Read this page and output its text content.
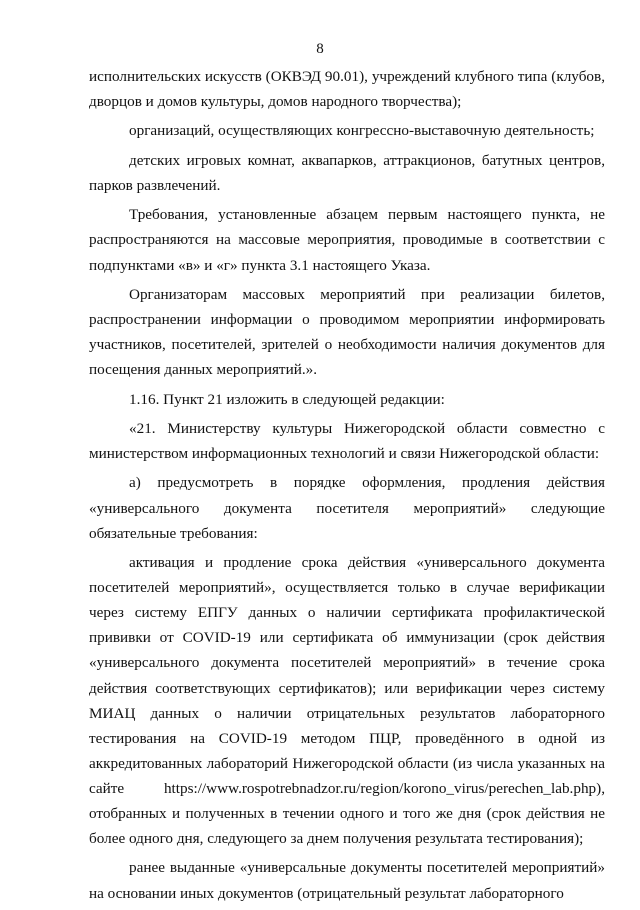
8

исполнительских искусств (ОКВЭД 90.01), учреждений клубного типа (клубов, дворцов и домов культуры, домов народного творчества);

организаций, осуществляющих конгрессно-выставочную деятельность;

детских игровых комнат, аквапарков, аттракционов, батутных центров, парков развлечений.

Требования, установленные абзацем первым настоящего пункта, не распространяются на массовые мероприятия, проводимые в соответствии с подпунктами «в» и «г» пункта 3.1 настоящего Указа.

Организаторам массовых мероприятий при реализации билетов, распространении информации о проводимом мероприятии информировать участников, посетителей, зрителей о необходимости наличия документов для посещения данных мероприятий.».

1.16. Пункт 21 изложить в следующей редакции:

«21. Министерству культуры Нижегородской области совместно с министерством информационных технологий и связи Нижегородской области:

а) предусмотреть в порядке оформления, продления действия «универсального документа посетителя мероприятий» следующие обязательные требования:

активация и продление срока действия «универсального документа посетителей мероприятий», осуществляется только в случае верификации через систему ЕПГУ данных о наличии сертификата профилактической прививки от COVID-19 или сертификата об иммунизации (срок действия «универсального документа посетителей мероприятий» в течение срока действия соответствующих сертификатов); или верификации через систему МИАЦ данных о наличии отрицательных результатов лабораторного тестирования на COVID-19 методом ПЦР, проведённого в одной из аккредитованных лабораторий Нижегородской области (из числа указанных на сайте https://www.rospotrebnadzor.ru/region/korono_virus/perechen_lab.php), отобранных и полученных в течении одного и того же дня (срок действия не более одного дня, следующего за днем получения результата тестирования);

ранее выданные «универсальные документы посетителей мероприятий» на основании иных документов (отрицательный результат лабораторного
